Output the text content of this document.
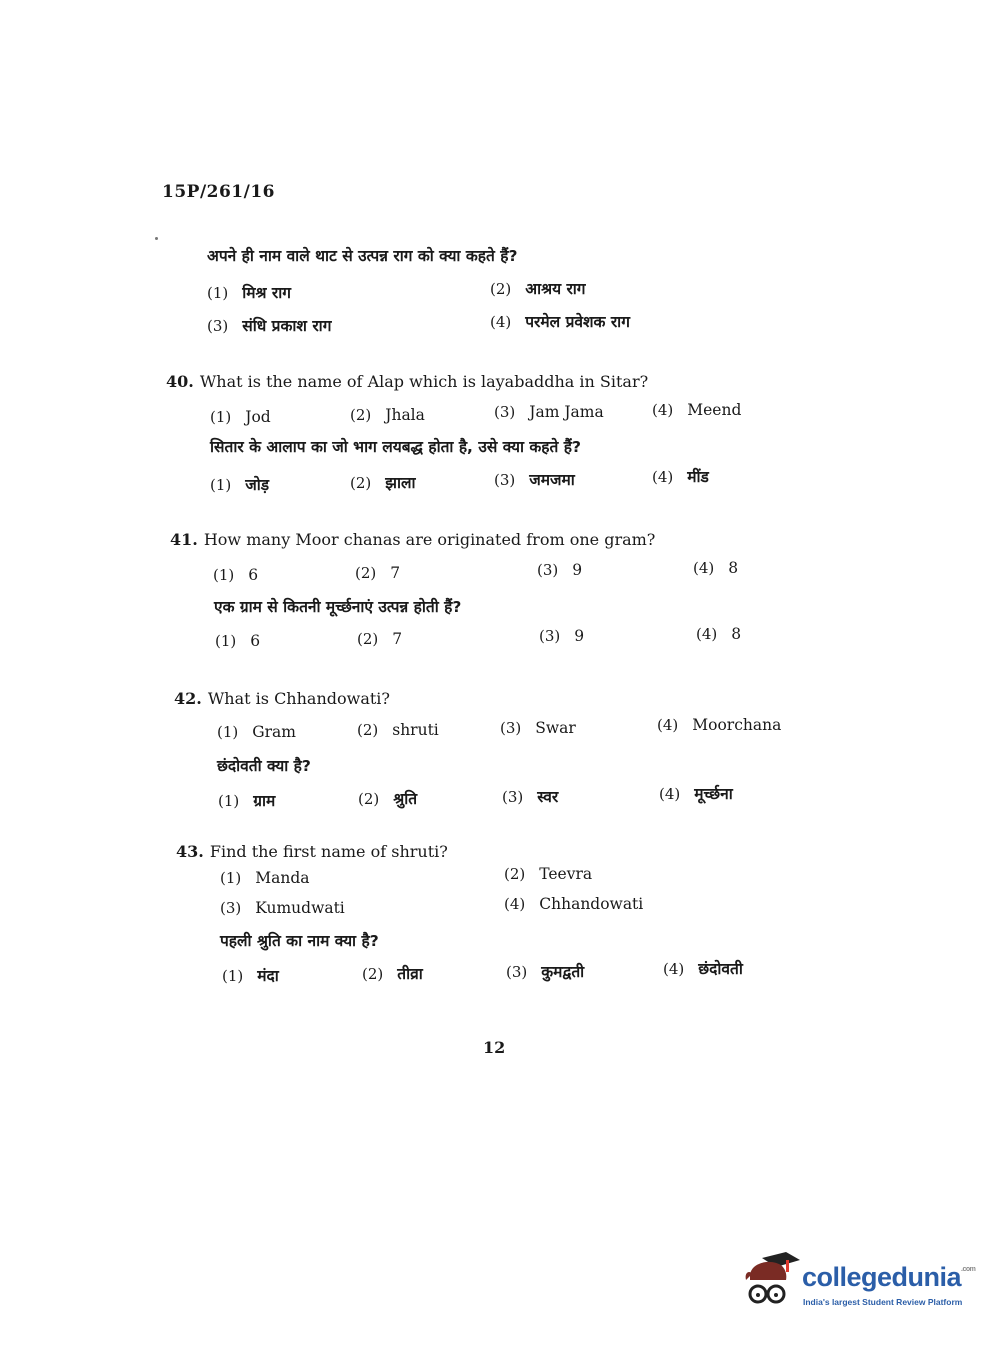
15P/261/16
अपने ही नाम वाले थाट से उत्पन्न राग को क्या कहते हैं?
(1) मिश्र राग	(2) आश्रय राग
(3) संधि प्रकाश राग	(4) परमेल प्रवेशक राग
40. What is the name of Alap which is layabaddha in Sitar?
(1) Jod	(2) Jhala	(3) Jam Jama	(4) Meend
सितार के आलाप का जो भाग लयबद्ध होता है, उसे क्या कहते हैं?
(1) जोड़	(2) झाला	(3) जमजमा	(4) मींड
41. How many Moor chanas are originated from one gram?
(1) 6	(2) 7	(3) 9	(4) 8
एक ग्राम से कितनी मूर्च्छनाएं उत्पन्न होती हैं?
(1) 6	(2) 7	(3) 9	(4) 8
42. What is Chhandowati?
(1) Gram	(2) shruti	(3) Swar	(4) Moorchana
छंदोवती क्या है?
(1) ग्राम	(2) श्रुति	(3) स्वर	(4) मूर्च्छना
43. Find the first name of shruti?
(1) Manda	(2) Teevra
(3) Kumudwati	(4) Chhandowati
पहली श्रुति का नाम क्या है?
(1) मंदा	(2) तीव्रा	(3) कुमद्वती	(4) छंदोवती
12
collegedunia$^{.com}$
India's largest Student Review Platform
